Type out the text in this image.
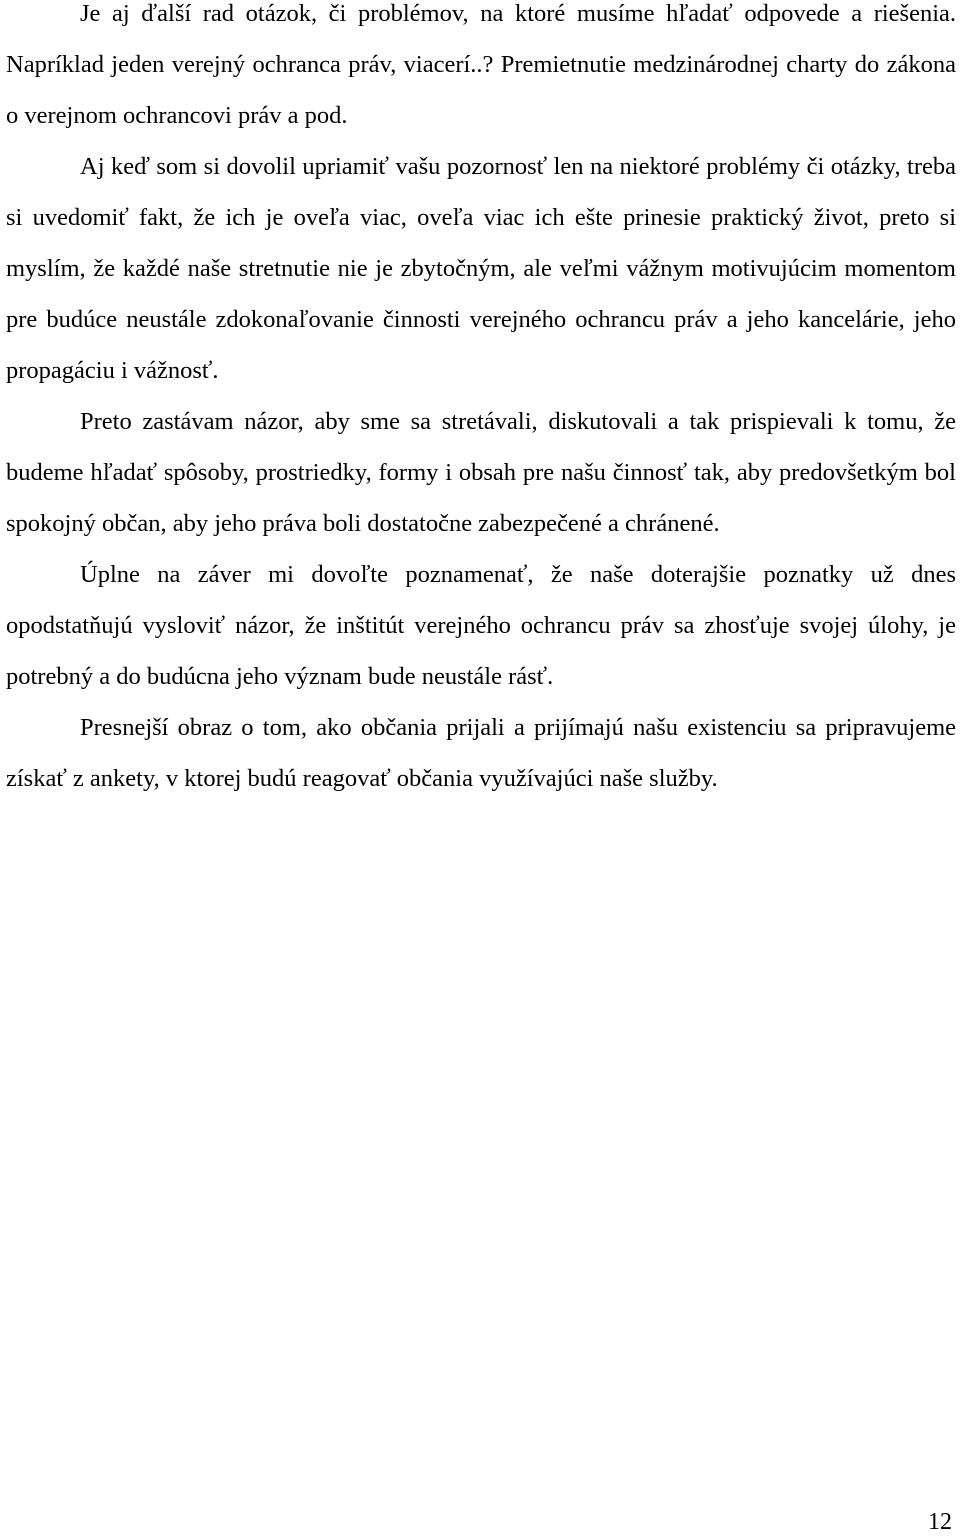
Je aj ďalší rad otázok, či problémov, na ktoré musíme hľadať odpovede a riešenia. Napríklad jeden verejný ochranca práv, viacerí..? Premietnutie medzinárodnej charty do zákona o verejnom ochrancovi práv a pod.

Aj keď som si dovolil upriamiť vašu pozornosť len na niektoré problémy či otázky, treba si uvedomiť fakt, že ich je oveľa viac, oveľa viac ich ešte prinesie praktický život, preto si myslím, že každé naše stretnutie nie je zbytočným, ale veľmi vážnym motivujúcim momentom pre budúce neustále zdokonaľovanie činnosti verejného ochrancu práv a jeho kancelárie, jeho propagáciu i vážnosť.

Preto zastávam názor, aby sme sa stretávali, diskutovali a tak prispievali k tomu, že budeme hľadať spôsoby, prostriedky, formy i obsah pre našu činnosť tak, aby predovšetkým bol spokojný občan, aby jeho práva boli dostatočne zabezpečené a chránené.

Úplne na záver mi dovoľte poznamenať, že naše doterajšie poznatky už dnes opodstatňujú vysloviť názor, že inštitút verejného ochrancu práv sa zhosťuje svojej úlohy, je potrebný a do budúcna jeho význam bude neustále rásť.

Presnejší obraz o tom, ako občania prijali a prijímajú našu existenciu sa pripravujeme získať z ankety, v ktorej budú reagovať občania využívajúci naše služby.

12
